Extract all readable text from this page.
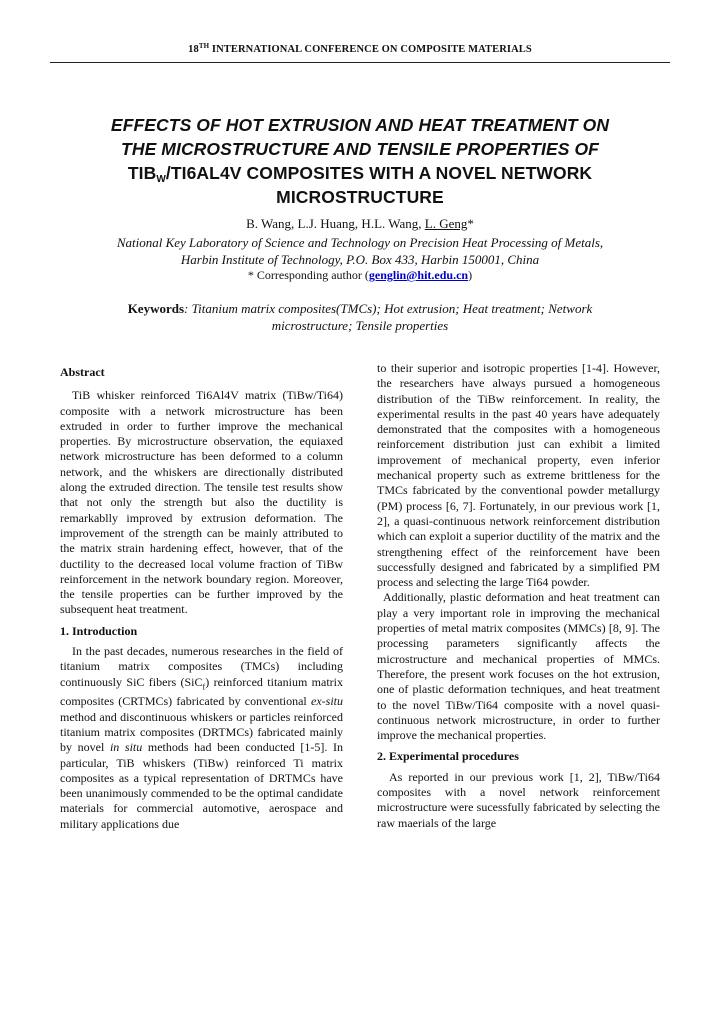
18TH INTERNATIONAL CONFERENCE ON COMPOSITE MATERIALS
EFFECTS OF HOT EXTRUSION AND HEAT TREATMENT ON
THE MICROSTRUCTURE AND TENSILE PROPERTIES OF
$TIB_W/TI6AL4V$ COMPOSITES WITH A NOVEL NETWORK
MICROSTRUCTURE
B. Wang, L.J. Huang, H.L. Wang, L. Geng*
National Key Laboratory of Science and Technology on Precision Heat Processing of Metals,
Harbin Institute of Technology, P.O. Box 433, Harbin 150001, China
* Corresponding author (genglin@hit.edu.cn)
Keywords: Titanium matrix composites(TMCs); Hot extrusion; Heat treatment; Network microstructure; Tensile properties
Abstract

TiB whisker reinforced Ti6Al4V matrix (TiBw/Ti64) composite with a network microstructure has been extruded in order to further improve the mechanical properties. By microstructure observation, the equiaxed network microstructure has been deformed to a column network, and the whiskers are directionally distributed along the extruded direction. The tensile test results show that not only the strength but also the ductility is remarkablly improved by extrusion deformation. The improvement of the strength can be mainly attributed to the matrix strain hardening effect, however, that of the ductility to the decreased local volume fraction of TiBw reinforcement in the network boundary region. Moreover, the tensile properties can be further improved by the subsequent heat treatment.

1. Introduction

In the past decades, numerous researches in the field of titanium matrix composites (TMCs) including continuously SiC fibers (SiC$_f$) reinforced titanium matrix composites (CRTMCs) fabricated by conventional ex-situ method and discontinuous whiskers or particles reinforced titanium matrix composites (DRTMCs) fabricated mainly by novel in situ methods had been conducted [1-5]. In particular, TiB whiskers (TiBw) reinforced Ti matrix composites as a typical representation of DRTMCs have been unanimously commended to be the optimal candidate materials for commercial automotive, aerospace and military applications due

to their superior and isotropic properties [1-4]. However, the researchers have always pursued a homogeneous distribution of the TiBw reinforcement. In reality, the experimental results in the past 40 years have adequately demonstrated that the composites with a homogeneous reinforcement distribution just can exhibit a limited improvement of mechanical property, even inferior mechanical property such as extreme brittleness for the TMCs fabricated by the conventional powder metallurgy (PM) process [6, 7]. Fortunately, in our previous work [1, 2], a quasi-continuous network reinforcement distribution which can exploit a superior ductility of the matrix and the strengthening effect of the reinforcement have been successfully designed and fabricated by a simplified PM process and selecting the large Ti64 powder.

Additionally, plastic deformation and heat treatment can play a very important role in improving the mechanical properties of metal matrix composites (MMCs) [8, 9]. The processing parameters significantly affects the microstructure and mechanical properties of MMCs. Therefore, the present work focuses on the hot extrusion, one of plastic deformation techniques, and heat treatment to the novel TiBw/Ti64 composite with a novel quasi-continuous network microstructure, in order to further improve the mechanical properties.

2. Experimental procedures

As reported in our previous work [1, 2], TiBw/Ti64 composites with a novel network reinforcement microstructure were sucessfully fabricated by selecting the raw maerials of the large
